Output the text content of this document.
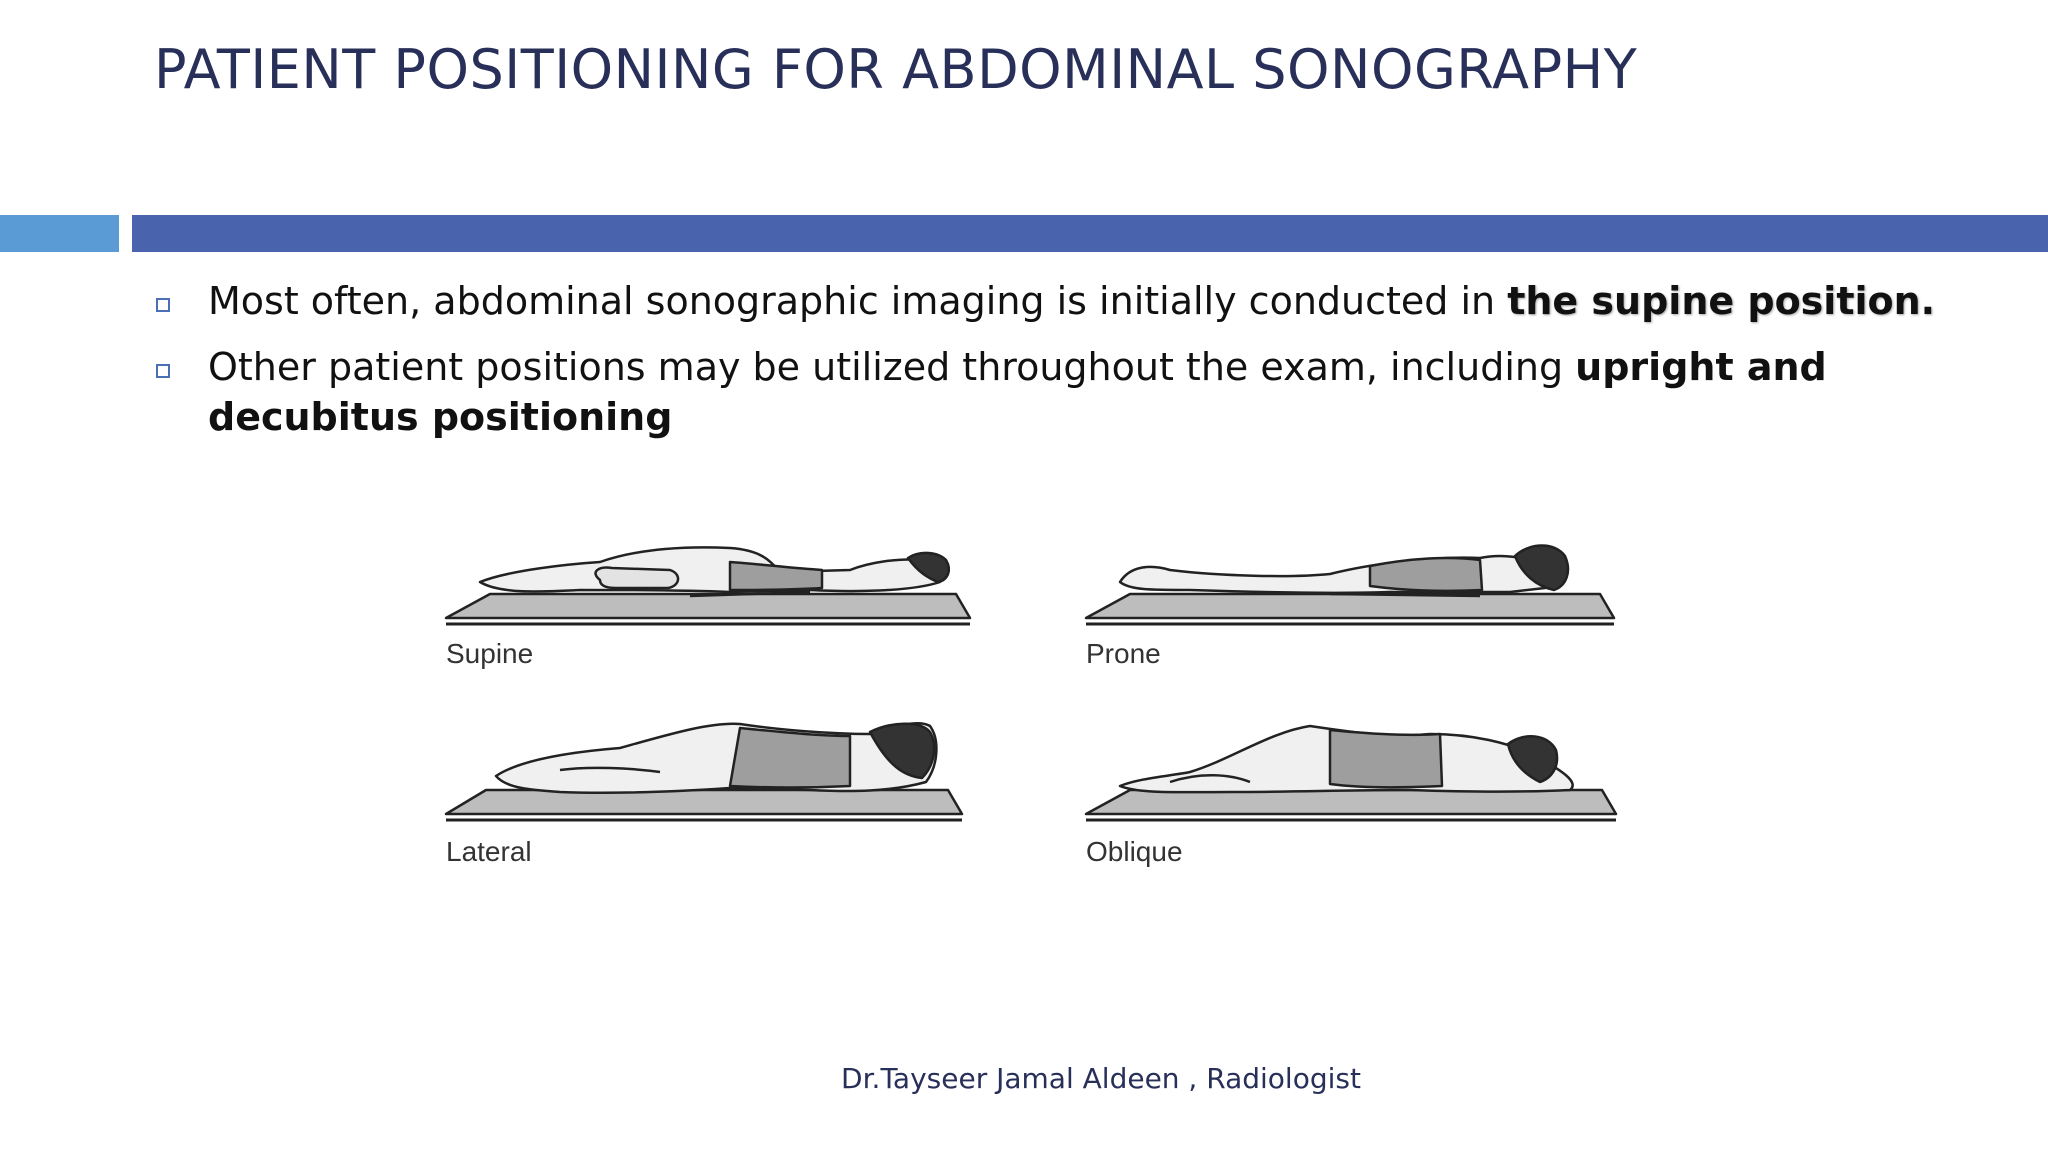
PATIENT POSITIONING FOR ABDOMINAL SONOGRAPHY
Most often, abdominal sonographic imaging is initially conducted in the supine position.
Other patient positions may be utilized throughout the exam, including upright and decubitus positioning
Supine	Prone
Lateral	Oblique
Dr.Tayseer Jamal Aldeen , Radiologist
